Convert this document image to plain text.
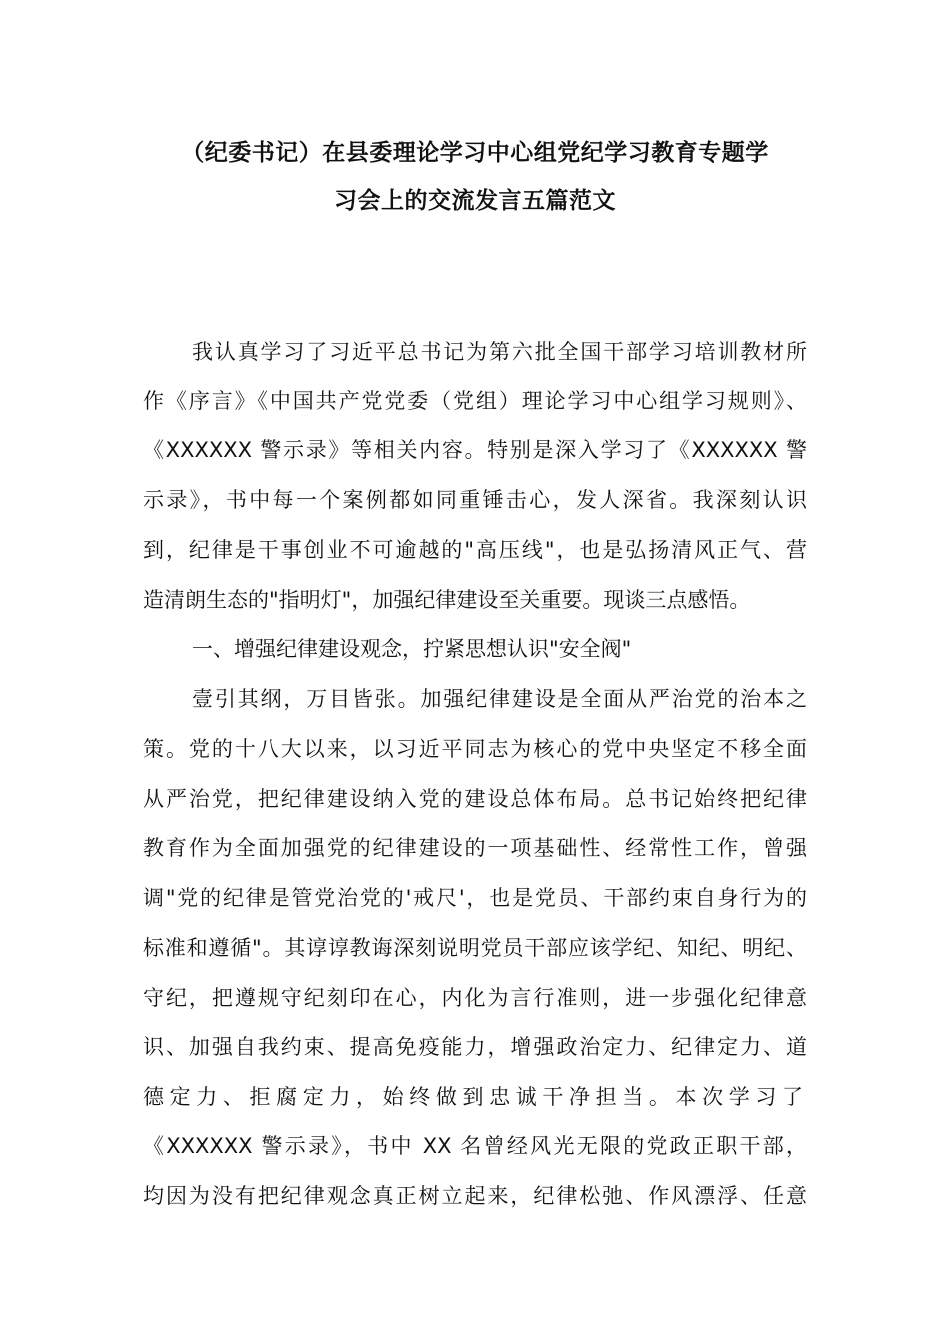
（纪委书记）在县委理论学习中心组党纪学习教育专题学
习会上的交流发言五篇范文
我认真学习了习近平总书记为第六批全国干部学习培训教材所
作《序言》《中国共产党党委（党组）理论学习中心组学习规则》、
《XXXXXX 警示录》等相关内容。特别是深入学习了《XXXXXX 警
示录》，书中每一个案例都如同重锤击心，发人深省。我深刻认识
到，纪律是干事创业不可逾越的"高压线"，也是弘扬清风正气、营
造清朗生态的"指明灯"，加强纪律建设至关重要。现谈三点感悟。
一、增强纪律建设观念，拧紧思想认识"安全阀"
壹引其纲，万目皆张。加强纪律建设是全面从严治党的治本之
策。党的十八大以来，以习近平同志为核心的党中央坚定不移全面
从严治党，把纪律建设纳入党的建设总体布局。总书记始终把纪律
教育作为全面加强党的纪律建设的一项基础性、经常性工作，曾强
调"党的纪律是管党治党的'戒尺'，也是党员、干部约束自身行为的
标准和遵循"。其谆谆教诲深刻说明党员干部应该学纪、知纪、明纪、
守纪，把遵规守纪刻印在心，内化为言行准则，进一步强化纪律意
识、加强自我约束、提高免疫能力，增强政治定力、纪律定力、道
德定力、拒腐定力，始终做到忠诚干净担当。本次学习了
《XXXXXX 警示录》，书中 XX 名曾经风光无限的党政正职干部，
均因为没有把纪律观念真正树立起来，纪律松弛、作风漂浮、任意
